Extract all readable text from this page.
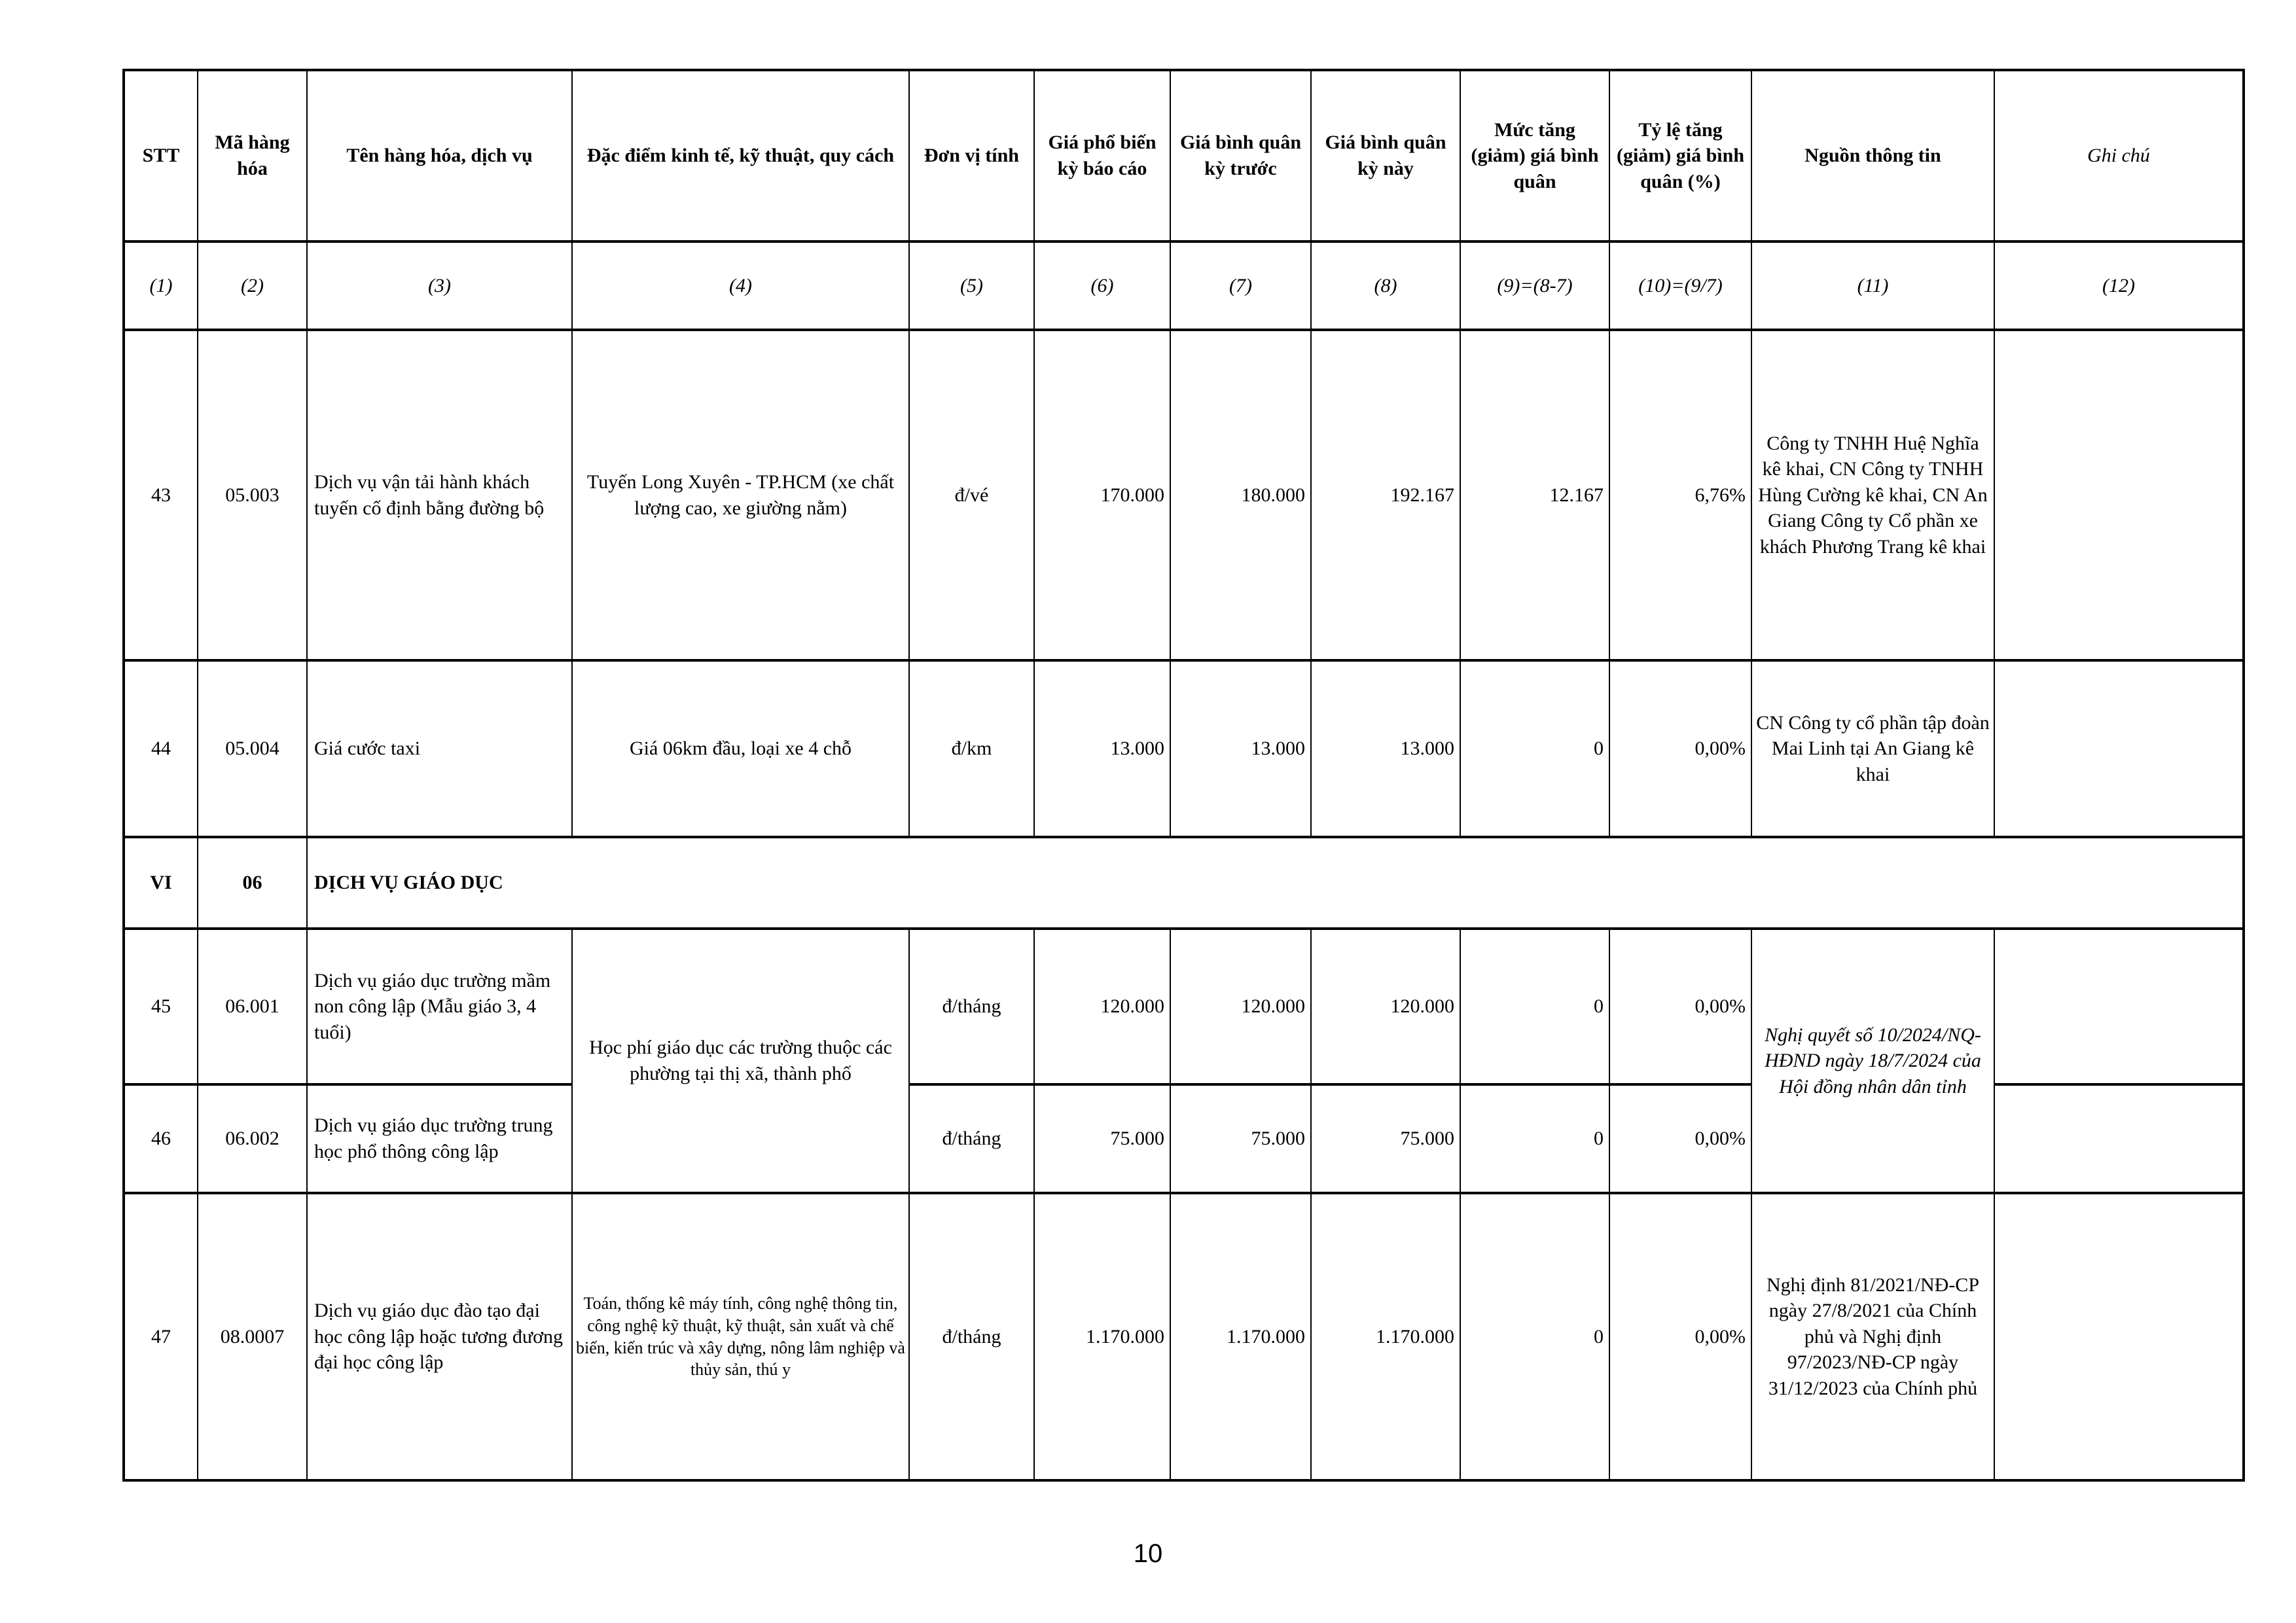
STT	Mã hàng hóa	Tên hàng hóa, dịch vụ	Đặc điểm kinh tế, kỹ thuật, quy cách	Đơn vị tính	Giá phổ biến kỳ báo cáo	Giá bình quân kỳ trước	Giá bình quân kỳ này	Mức tăng (giảm) giá bình quân	Tỷ lệ tăng (giảm) giá bình quân (%)	Nguồn thông tin	Ghi chú
(1)	(2)	(3)	(4)	(5)	(6)	(7)	(8)	(9)=(8-7)	(10)=(9/7)	(11)	(12)
43	05.003	Dịch vụ vận tải hành khách tuyến cố định bằng đường bộ	Tuyến Long Xuyên - TP.HCM (xe chất lượng cao, xe giường nằm)	đ/vé	170.000	180.000	192.167	12.167	6,76%	Công ty TNHH Huệ Nghĩa kê khai, CN Công ty TNHH Hùng Cường kê khai, CN An Giang Công ty Cổ phần xe khách Phương Trang kê khai	
44	05.004	Giá cước taxi	Giá 06km đầu, loại xe 4 chỗ	đ/km	13.000	13.000	13.000	0	0,00%	CN Công ty cổ phần tập đoàn Mai Linh tại An Giang kê khai	
VI	06	DỊCH VỤ GIÁO DỤC									
45	06.001	Dịch vụ giáo dục trường mầm non công lập (Mẫu giáo 3, 4 tuổi)	Học phí giáo dục các trường thuộc các phường tại thị xã, thành phố	đ/tháng	120.000	120.000	120.000	0	0,00%	Nghị quyết số 10/2024/NQ-HĐND ngày 18/7/2024 của Hội đồng nhân dân tỉnh	
46	06.002	Dịch vụ giáo dục trường trung học phổ thông công lập		đ/tháng	75.000	75.000	75.000	0	0,00%		
47	08.0007	Dịch vụ giáo dục đào tạo đại học công lập hoặc tương đương đại học công lập	Toán, thống kê máy tính, công nghệ thông tin, công nghệ kỹ thuật, kỹ thuật, sản xuất và chế biến, kiến trúc và xây dựng, nông lâm nghiệp và thủy sản, thú y	đ/tháng	1.170.000	1.170.000	1.170.000	0	0,00%	Nghị định 81/2021/NĐ-CP ngày 27/8/2021 của Chính phủ và Nghị định 97/2023/NĐ-CP ngày 31/12/2023 của Chính phủ	
10
